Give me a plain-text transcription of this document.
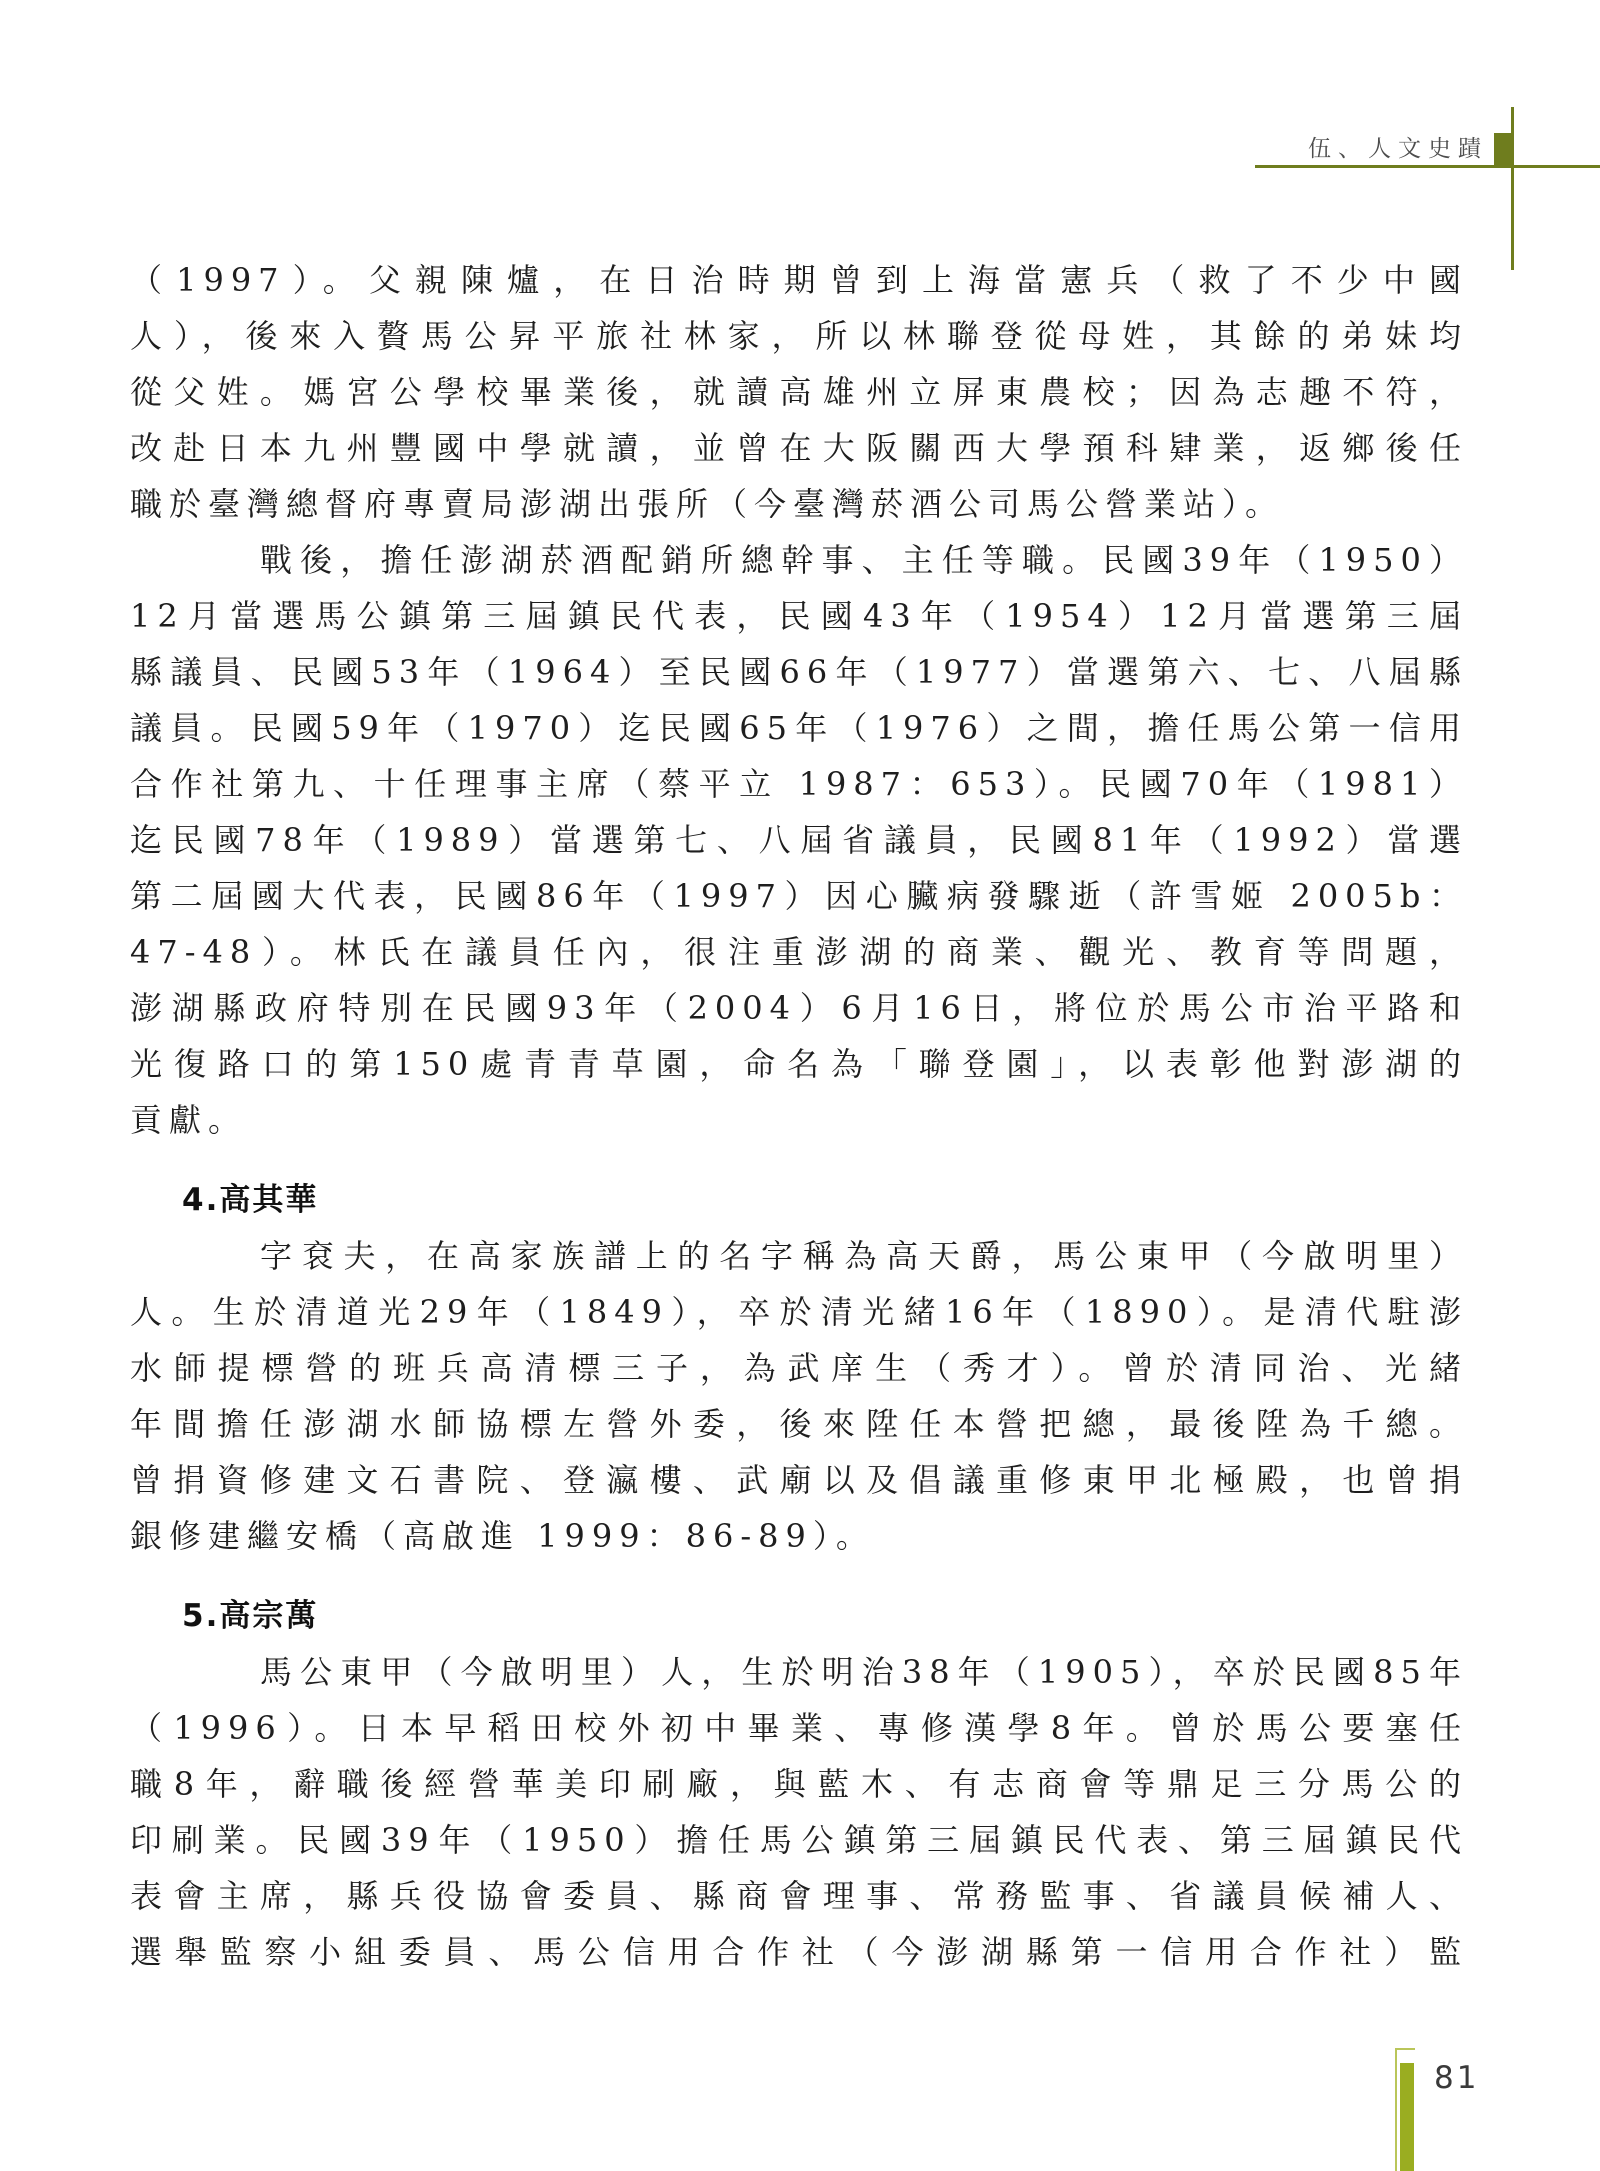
伍、人文史蹟
（1997）。父親陳爐，在日治時期曾到上海當憲兵（救了不少中國
人），後來入贅馬公昇平旅社林家，所以林聯登從母姓，其餘的弟妹均
從父姓。媽宮公學校畢業後，就讀高雄州立屏東農校；因為志趣不符，
改赴日本九州豐國中學就讀，並曾在大阪關西大學預科肄業，返鄉後任
職於臺灣總督府專賣局澎湖出張所（今臺灣菸酒公司馬公營業站）。
戰後，擔任澎湖菸酒配銷所總幹事、主任等職。民國39年（1950）
12月當選馬公鎮第三屆鎮民代表，民國43年（1954）12月當選第三屆
縣議員、民國53年（1964）至民國66年（1977）當選第六、七、八屆縣
議員。民國59年（1970）迄民國65年（1976）之間，擔任馬公第一信用
合作社第九、十任理事主席（蔡平立 1987：653）。民國70年（1981）
迄民國78年（1989）當選第七、八屆省議員，民國81年（1992）當選
第二屆國大代表，民國86年（1997）因心臟病發驟逝（許雪姬 2005b：
47-48）。林氏在議員任內，很注重澎湖的商業、觀光、教育等問題，
澎湖縣政府特別在民國93年（2004）6月16日，將位於馬公市治平路和
光復路口的第150處青青草園，命名為「聯登園」，以表彰他對澎湖的
貢獻。
4.高其華
字袞夫，在高家族譜上的名字稱為高天爵，馬公東甲（今啟明里）
人。生於清道光29年（1849），卒於清光緒16年（1890）。是清代駐澎
水師提標營的班兵高清標三子，為武庠生（秀才）。曾於清同治、光緒
年間擔任澎湖水師協標左營外委，後來陞任本營把總，最後陞為千總。
曾捐資修建文石書院、登瀛樓、武廟以及倡議重修東甲北極殿，也曾捐
銀修建繼安橋（高啟進 1999：86-89）。
5.高宗萬
馬公東甲（今啟明里）人，生於明治38年（1905），卒於民國85年
（1996）。日本早稻田校外初中畢業、專修漢學8年。曾於馬公要塞任
職8年，辭職後經營華美印刷廠，與藍木、有志商會等鼎足三分馬公的
印刷業。民國39年（1950）擔任馬公鎮第三屆鎮民代表、第三屆鎮民代
表會主席，縣兵役協會委員、縣商會理事、常務監事、省議員候補人、
選舉監察小組委員、馬公信用合作社（今澎湖縣第一信用合作社）監
81
